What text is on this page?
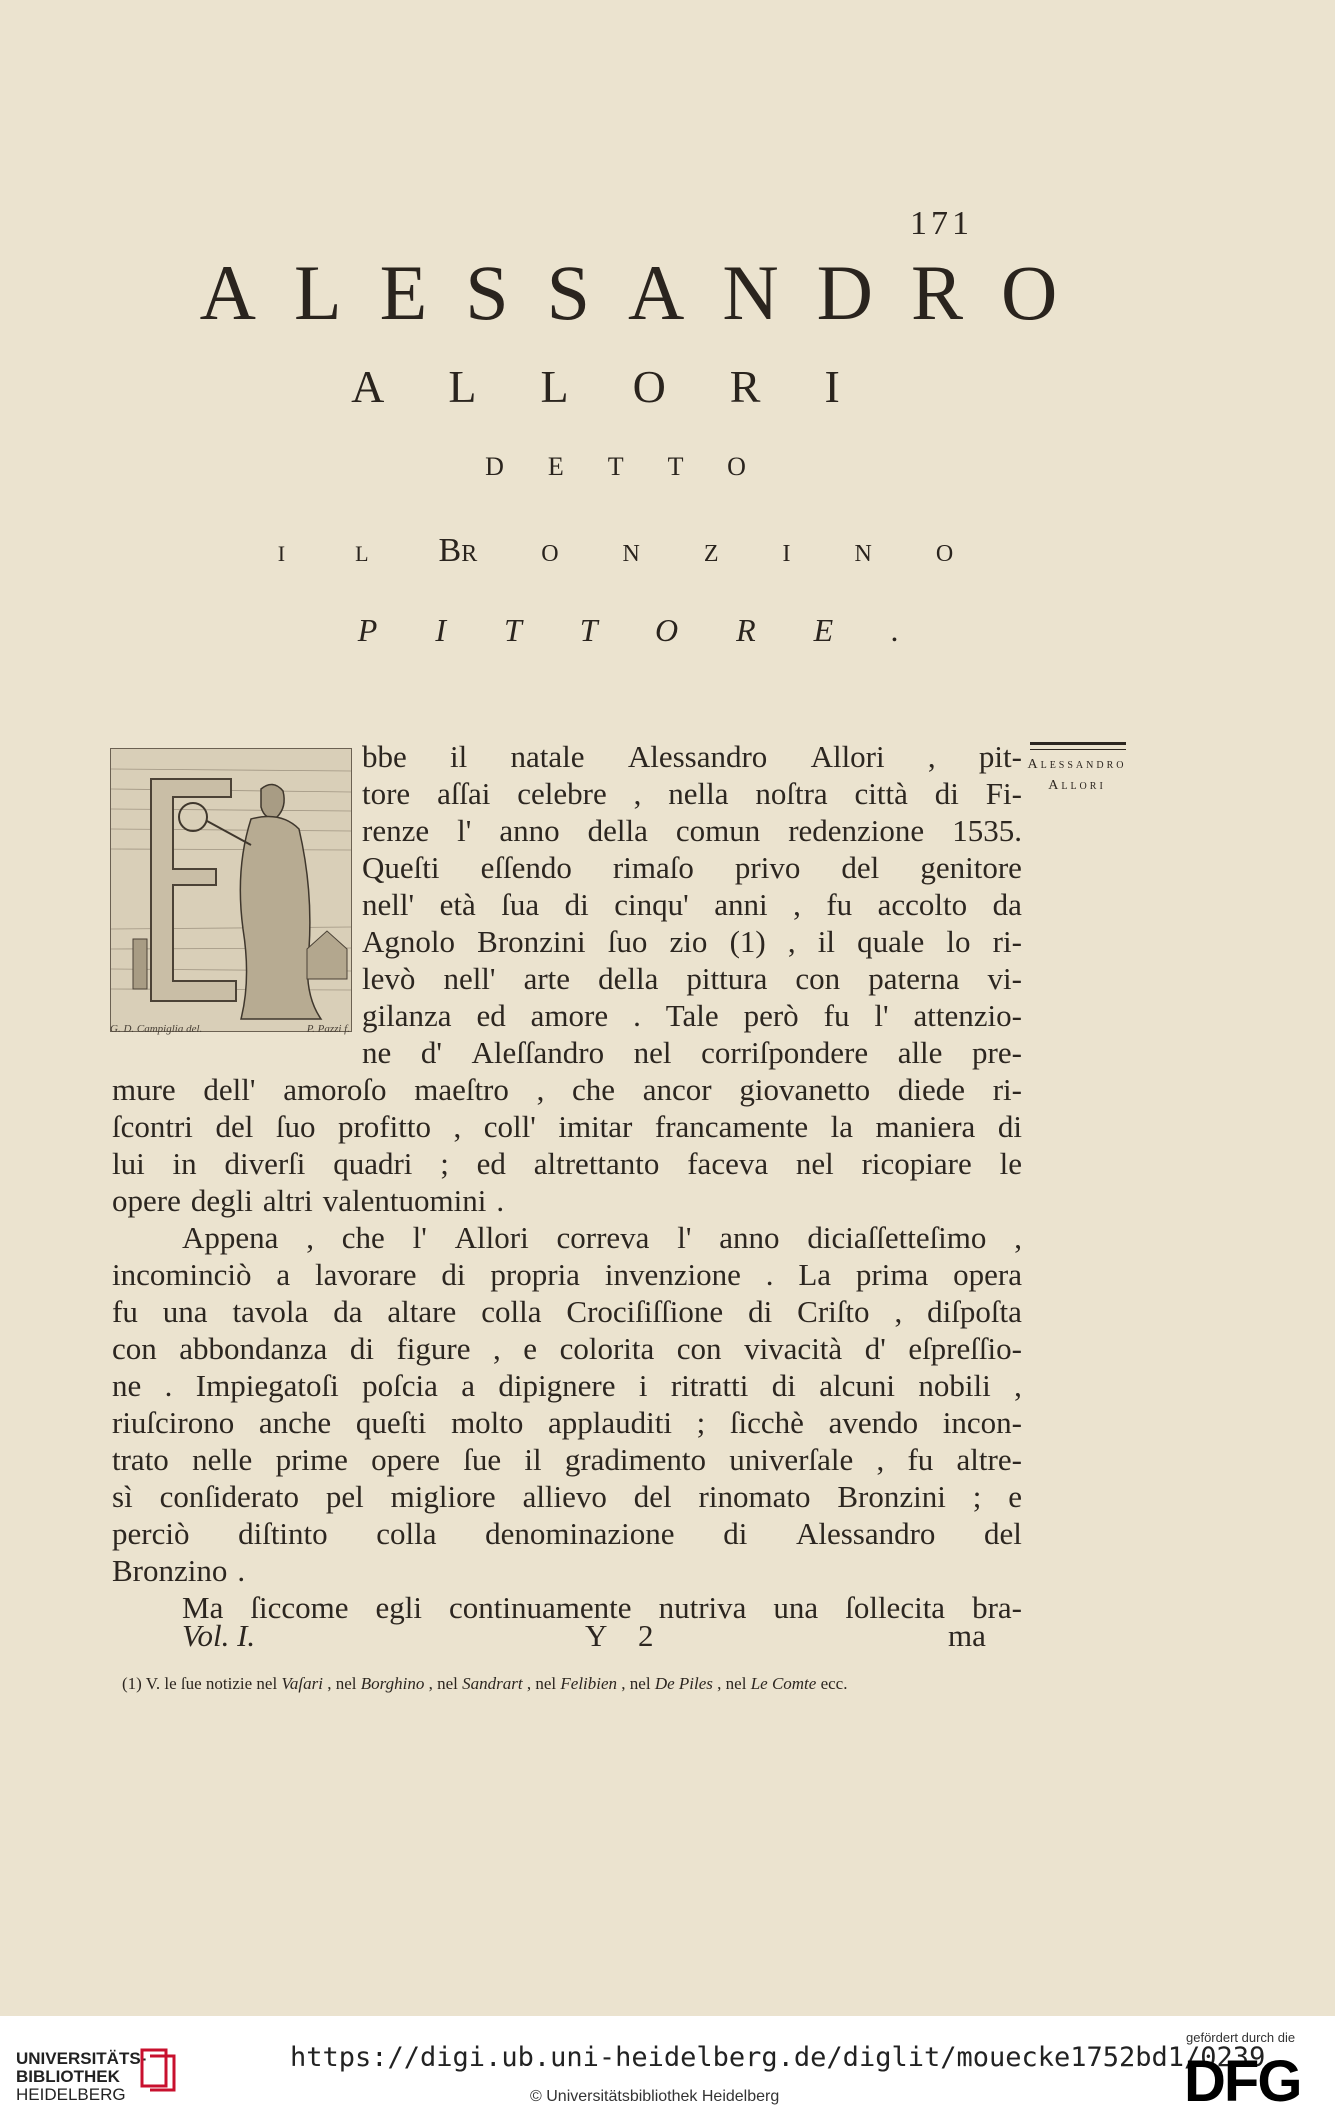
171
ALESSANDRO
ALLORI
DETTO
ILBRONZINO
PITTORE.
G. D. Campiglia del.	P. Pazzi f.
Alessandro
Allori
bbe il natale Alessandro Allori , pit-
tore aſſai celebre , nella noſtra città di Fi-
renze l' anno della comun redenzione 1535.
Queſti eſſendo rimaſo privo del genitore
nell' età ſua di cinqu' anni , fu accolto da
Agnolo Bronzini ſuo zio (1) , il quale lo ri-
levò nell' arte della pittura con paterna vi-
gilanza ed amore . Tale però fu l' attenzio-
ne d' Aleſſandro nel corriſpondere alle pre-
mure dell' amoroſo maeſtro , che ancor giovanetto diede ri-
ſcontri del ſuo profitto , coll' imitar francamente la maniera di
lui in diverſi quadri ; ed altrettanto faceva nel ricopiare le
opere degli altri valentuomini .
Appena , che l' Allori correva l' anno diciaſſetteſimo ,
incominciò a lavorare di propria invenzione . La prima opera
fu una tavola da altare colla Crociſiſſione di Criſto , diſpoſta
con abbondanza di figure , e colorita con vivacità d' eſpreſſio-
ne . Impiegatoſi poſcia a dipignere i ritratti di alcuni nobili ,
riuſcirono anche queſti molto applauditi ; ſicchè avendo incon-
trato nelle prime opere ſue il gradimento univerſale , fu altre-
sì conſiderato pel migliore allievo del rinomato Bronzini ; e
perciò diſtinto colla denominazione di Alessandro del
Bronzino .
Ma ſiccome egli continuamente nutriva una ſollecita bra-
Vol. I.	Y 2	ma
(1) V. le ſue notizie nel Vaſari , nel Borghino , nel Sandrart , nel Felibien , nel De Piles , nel Le Comte ecc.
UNIVERSITÄTS-
BIBLIOTHEK
HEIDELBERG
https://digi.ub.uni-heidelberg.de/diglit/mouecke1752bd1/0239
© Universitätsbibliothek Heidelberg
gefördert durch die
DFG
